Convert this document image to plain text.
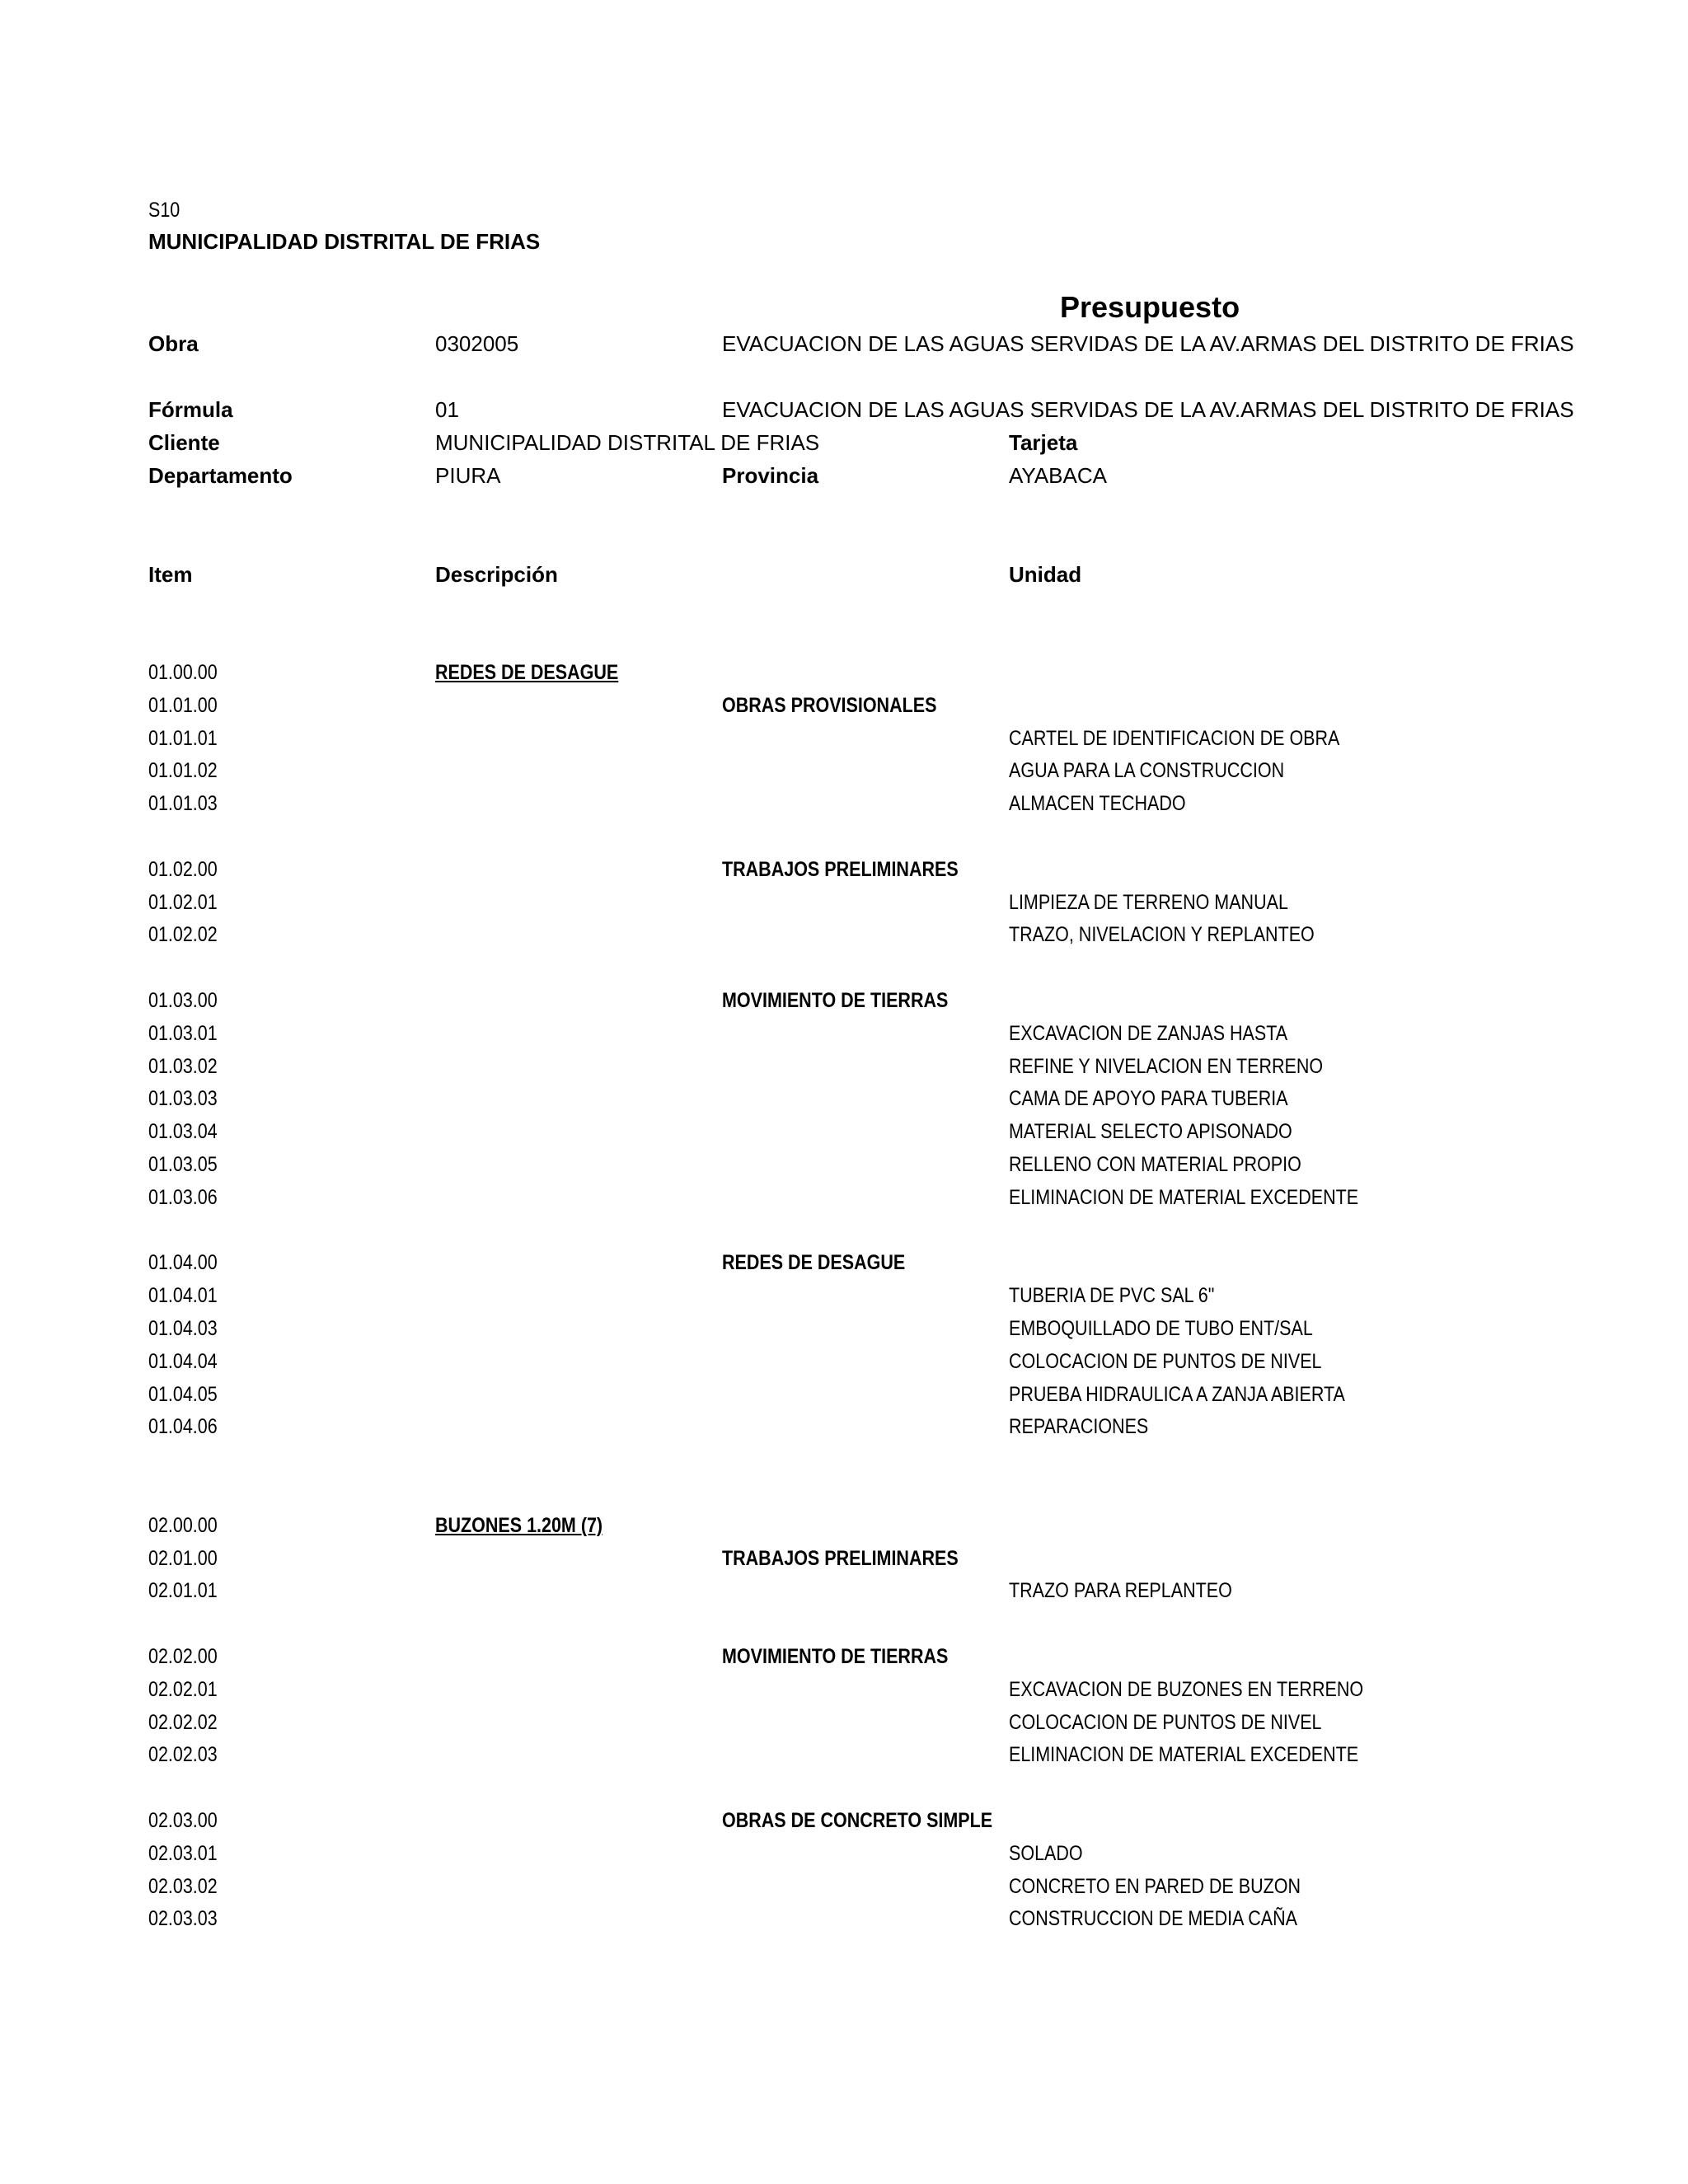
S10
MUNICIPALIDAD DISTRITAL DE FRIAS
Presupuesto
Obra	0302005	EVACUACION DE LAS AGUAS SERVIDAS DE LA AV.ARMAS DEL DISTRITO DE FRIAS
Fórmula	01	EVACUACION DE LAS AGUAS SERVIDAS DE LA AV.ARMAS DEL DISTRITO DE FRIAS
Cliente	MUNICIPALIDAD DISTRITAL DE FRIAS	Tarjeta
Departamento	PIURA	Provincia	AYABACA
Item	Descripción	Unidad
01.00.00	REDES DE DESAGUE
01.01.00	OBRAS PROVISIONALES
01.01.01	CARTEL DE IDENTIFICACION DE OBRA
01.01.02	AGUA PARA LA CONSTRUCCION
01.01.03	ALMACEN TECHADO
01.02.00	TRABAJOS PRELIMINARES
01.02.01	LIMPIEZA DE TERRENO MANUAL
01.02.02	TRAZO, NIVELACION Y REPLANTEO
01.03.00	MOVIMIENTO DE TIERRAS
01.03.01	EXCAVACION DE ZANJAS HASTA
01.03.02	REFINE Y NIVELACION EN TERRENO
01.03.03	CAMA DE APOYO PARA TUBERIA
01.03.04	MATERIAL SELECTO APISONADO
01.03.05	RELLENO CON MATERIAL PROPIO
01.03.06	ELIMINACION DE MATERIAL EXCEDENTE
01.04.00	REDES DE DESAGUE
01.04.01	TUBERIA DE PVC SAL 6"
01.04.03	EMBOQUILLADO DE TUBO ENT/SAL
01.04.04	COLOCACION DE PUNTOS DE NIVEL
01.04.05	PRUEBA HIDRAULICA A ZANJA ABIERTA
01.04.06	REPARACIONES
02.00.00	BUZONES 1.20M (7)
02.01.00	TRABAJOS PRELIMINARES
02.01.01	TRAZO PARA REPLANTEO
02.02.00	MOVIMIENTO DE TIERRAS
02.02.01	EXCAVACION DE BUZONES EN TERRENO
02.02.02	COLOCACION DE PUNTOS DE NIVEL
02.02.03	ELIMINACION DE MATERIAL EXCEDENTE
02.03.00	OBRAS DE CONCRETO SIMPLE
02.03.01	SOLADO
02.03.02	CONCRETO EN PARED DE BUZON
02.03.03	CONSTRUCCION DE MEDIA CAÑA
